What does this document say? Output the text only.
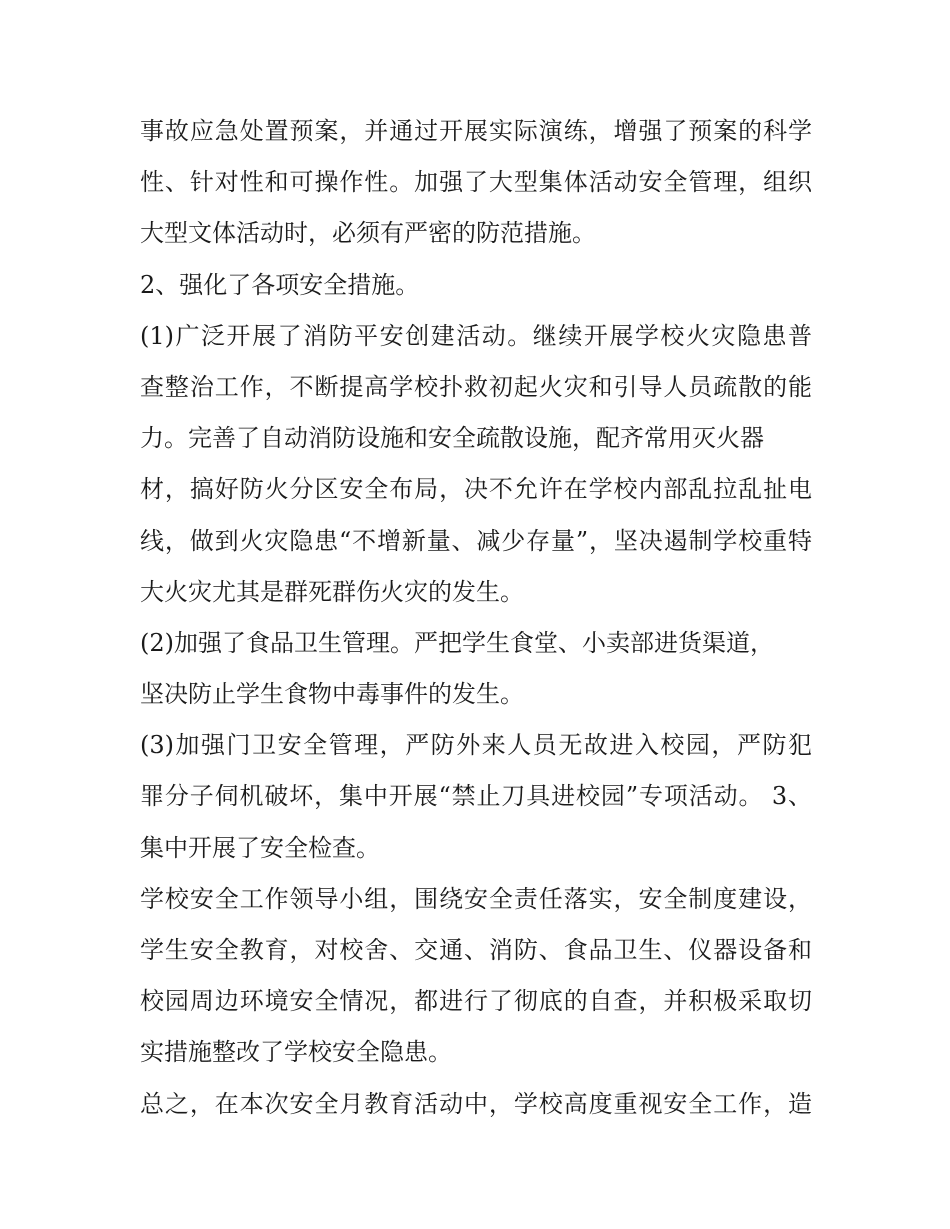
事故应急处置预案，并通过开展实际演练，增强了预案的科学
性、针对性和可操作性。加强了大型集体活动安全管理，组织
大型文体活动时，必须有严密的防范措施。
2、强化了各项安全措施。
(1)广泛开展了消防平安创建活动。继续开展学校火灾隐患普
查整治工作，不断提高学校扑救初起火灾和引导人员疏散的能
力。完善了自动消防设施和安全疏散设施，配齐常用灭火器
材，搞好防火分区安全布局，决不允许在学校内部乱拉乱扯电
线，做到火灾隐患“不增新量、减少存量”，坚决遏制学校重特
大火灾尤其是群死群伤火灾的发生。
(2)加强了食品卫生管理。严把学生食堂、小卖部进货渠道，
坚决防止学生食物中毒事件的发生。
(3)加强门卫安全管理，严防外来人员无故进入校园，严防犯
罪分子伺机破坏，集中开展“禁止刀具进校园”专项活动。 3、
集中开展了安全检查。
学校安全工作领导小组，围绕安全责任落实，安全制度建设，
学生安全教育，对校舍、交通、消防、食品卫生、仪器设备和
校园周边环境安全情况，都进行了彻底的自查，并积极采取切
实措施整改了学校安全隐患。
总之，在本次安全月教育活动中，学校高度重视安全工作，造
